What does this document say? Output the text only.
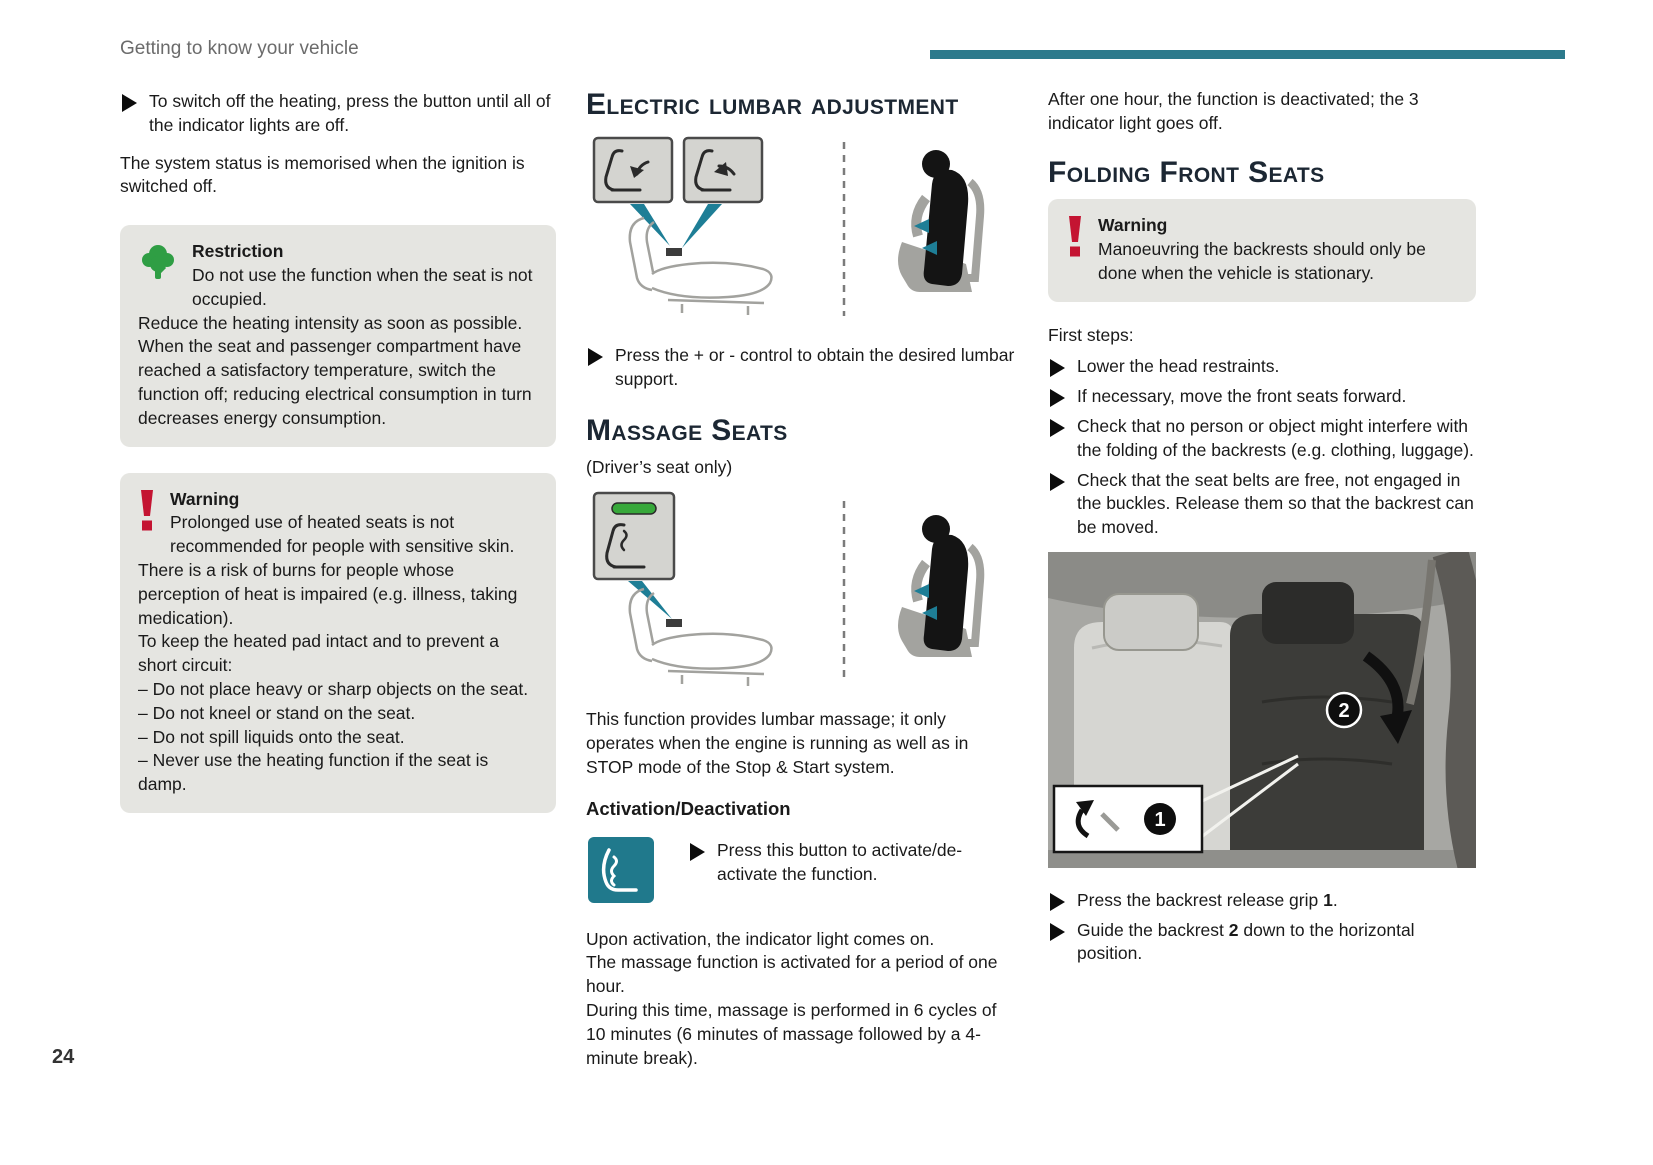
Getting to know your vehicle
24
To switch off the heating, press the button until all of the indicator lights are off.

The system status is memorised when the ignition is switched off.

Restriction
Do not use the function when the seat is not occupied.
Reduce the heating intensity as soon as possible.
When the seat and passenger compartment have reached a satisfactory temperature, switch the function off; reducing electrical consumption in turn decreases energy consumption.
Warning
Prolonged use of heated seats is not recommended for people with sensitive skin. There is a risk of burns for people whose perception of heat is impaired (e.g. illness, taking medication).
To keep the heated pad intact and to prevent a short circuit:
– Do not place heavy or sharp objects on the seat.
– Do not kneel or stand on the seat.
– Do not spill liquids onto the seat.
– Never use the heating function if the seat is damp.
Electric lumbar adjustment
Press the + or - control to obtain the desired lumbar support.
Massage Seats

(Driver’s seat only)

This function provides lumbar massage; it only operates when the engine is running as well as in STOP mode of the Stop & Start system.
Activation/Deactivation
Press this button to activate/de-activate the function.
Upon activation, the indicator light comes on.
The massage function is activated for a period of one hour.
During this time, massage is performed in 6 cycles of 10 minutes (6 minutes of massage followed by a 4-minute break).
After one hour, the function is deactivated; the 3 indicator light goes off.
Folding Front Seats
Warning
Manoeuvring the backrests should only be done when the vehicle is stationary.

First steps:

Lower the head restraints.
If necessary, move the front seats forward.
Check that no person or object might interfere with the folding of the backrests (e.g. clothing, luggage).
Check that the seat belts are free, not engaged in the buckles. Release them so that the backrest can be moved.
2
1
Press the backrest release grip 1.
Guide the backrest 2 down to the horizontal position.
